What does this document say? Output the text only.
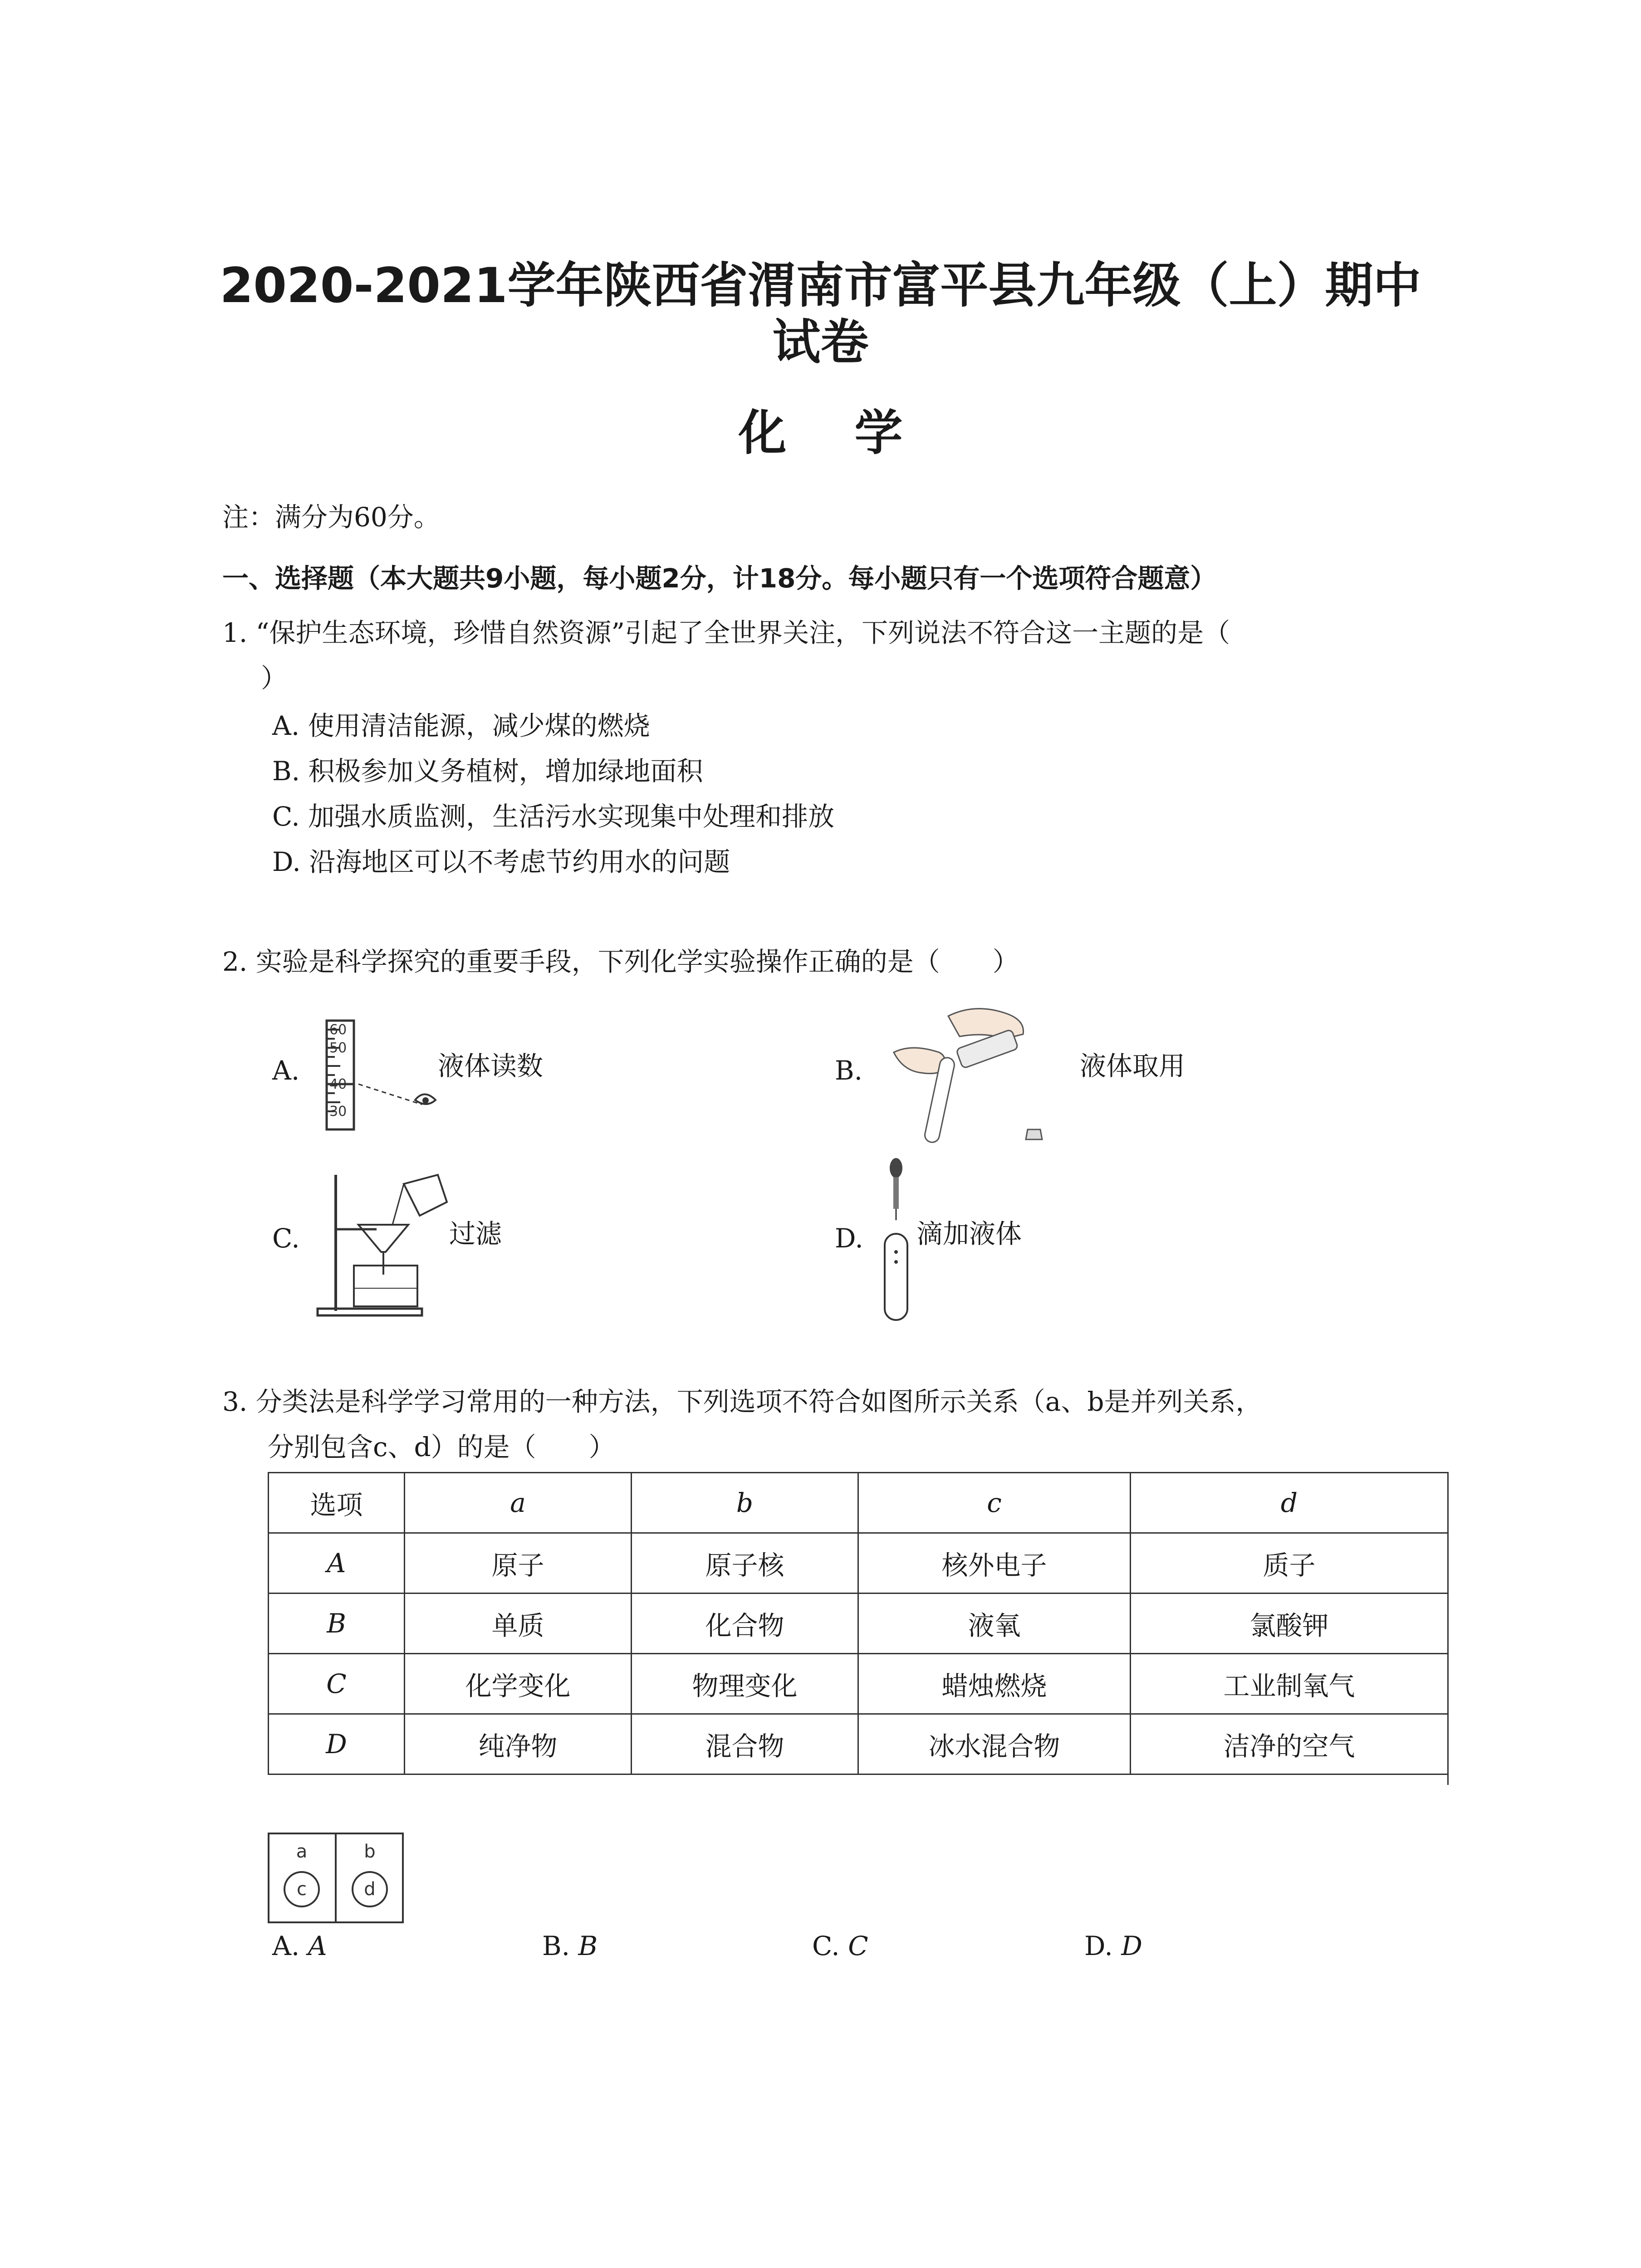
2020-2021学年陕西省渭南市富平县九年级（上）期中
试卷
化学
注：满分为60分。
一、选择题（本大题共9小题，每小题2分，计18分。每小题只有一个选项符合题意）
1. “保护生态环境，珍惜自然资源”引起了全世界关注，下列说法不符合这一主题的是（
）
A. 使用清洁能源，减少煤的燃烧
B. 积极参加义务植树，增加绿地面积
C. 加强水质监测，生活污水实现集中处理和排放
D. 沿海地区可以不考虑节约用水的问题
2. 实验是科学探究的重要手段，下列化学实验操作正确的是（　　）
A.
60
50
40
30
液体读数	B.	液体取用
C.	过滤	D. 滴加液体
3. 分类法是科学学习常用的一种方法，下列选项不符合如图所示关系（a、b是并列关系，
分别包含c、d）的是（　　）
选项	a	b	c	d
A	原子	原子核	核外电子	质子
B	单质	化合物	液氧	氯酸钾
C	化学变化	物理变化	蜡烛燃烧	工业制氧气
D	纯净物	混合物	冰水混合物	洁净的空气
a	b
c	d
A. A	B. B	C. C	D. D
